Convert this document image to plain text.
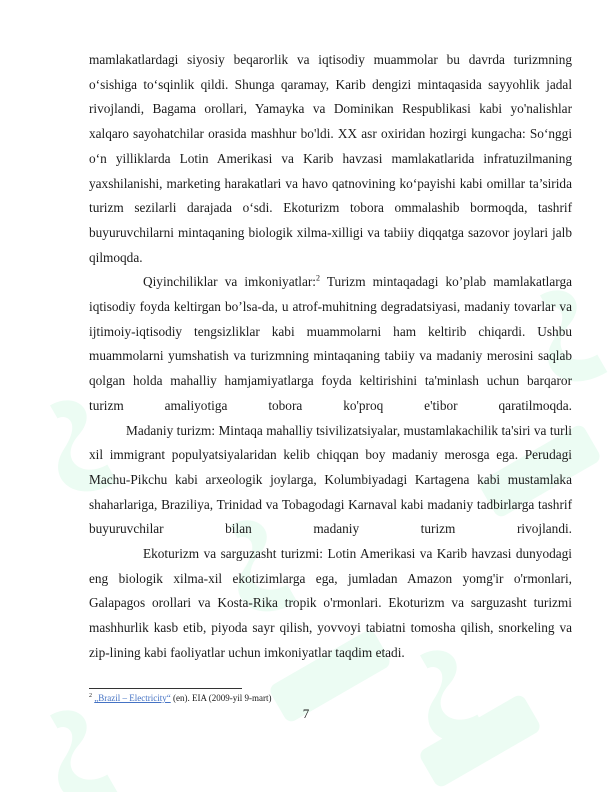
mamlakatlardagi siyosiy beqarorlik va iqtisodiy muammolar bu davrda turizmning o‘sishiga to‘sqinlik qildi. Shunga qaramay, Karib dengizi mintaqasida sayyohlik jadal rivojlandi, Bagama orollari, Yamayka va Dominikan Respublikasi kabi yo'nalishlar xalqaro sayohatchilar orasida mashhur bo'ldi. XX asr oxiridan hozirgi kungacha: So‘nggi o‘n yilliklarda Lotin Amerikasi va Karib havzasi mamlakatlarida infratuzilmaning yaxshilanishi, marketing harakatlari va havo qatnovining ko‘payishi kabi omillar ta’sirida turizm sezilarli darajada o‘sdi. Ekoturizm tobora ommalashib bormoqda, tashrif buyuruvchilarni mintaqaning biologik xilma-xilligi va tabiiy diqqatga sazovor joylari jalb qilmoqda.

Qiyinchiliklar va imkoniyatlar:$^2$ Turizm mintaqadagi ko’plab mamlakatlarga iqtisodiy foyda keltirgan bo’lsa-da, u atrof-muhitning degradatsiyasi, madaniy tovarlar va ijtimoiy-iqtisodiy tengsizliklar kabi muammolarni ham keltirib chiqardi. Ushbu muammolarni yumshatish va turizmning mintaqaning tabiiy va madaniy merosini saqlab qolgan holda mahalliy hamjamiyatlarga foyda keltirishini ta'minlash uchun barqaror turizm amaliyotiga tobora ko'proq e'tibor qaratilmoqda.

Madaniy turizm: Mintaqa mahalliy tsivilizatsiyalar, mustamlakachilik ta'siri va turli xil immigrant populyatsiyalaridan kelib chiqqan boy madaniy merosga ega. Perudagi Machu-Pikchu kabi arxeologik joylarga, Kolumbiyadagi Kartagena kabi mustamlaka shaharlariga, Braziliya, Trinidad va Tobagodagi Karnaval kabi madaniy tadbirlarga tashrif buyuruvchilar bilan madaniy turizm rivojlandi.

Ekoturizm va sarguzasht turizmi: Lotin Amerikasi va Karib havzasi dunyodagi eng biologik xilma-xil ekotizimlarga ega, jumladan Amazon yomg'ir o'rmonlari, Galapagos orollari va Kosta-Rika tropik o'rmonlari. Ekoturizm va sarguzasht turizmi mashhurlik kasb etib, piyoda sayr qilish, yovvoyi tabiatni tomosha qilish, snorkeling va zip-lining kabi faoliyatlar uchun imkoniyatlar taqdim etadi.

$^2$ „Brazil – Electricity“ (en). EIA (2009-yil 9-mart)
7
